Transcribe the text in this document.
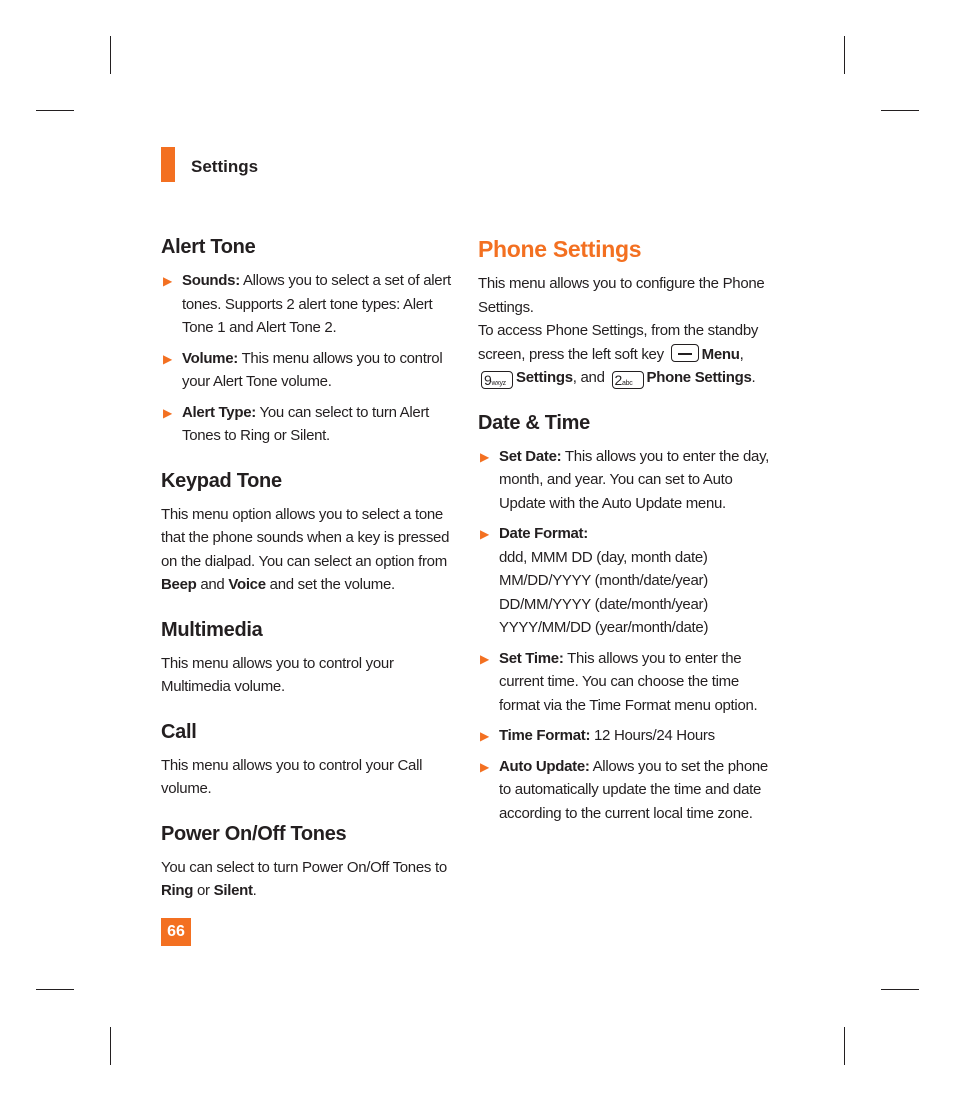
Settings
Alert Tone
▶ Sounds: Allows you to select a set of alert tones. Supports 2 alert tone types: Alert Tone 1 and Alert Tone 2.
▶ Volume: This menu allows you to control your Alert Tone volume.
▶ Alert Type: You can select to turn Alert Tones to Ring or Silent.
Keypad Tone

This menu option allows you to select a tone that the phone sounds when a key is pressed on the dialpad. You can select an option from Beep and Voice and set the volume.

Multimedia

This menu allows you to control your Multimedia volume.

Call

This menu allows you to control your Call volume.

Power On/Off Tones

You can select to turn Power On/Off Tones to Ring or Silent.

Phone Settings

This menu allows you to configure the Phone Settings.

To access Phone Settings, from the standby screen, press the left soft key Menu, 9wxyz Settings, and 2abc Phone Settings.

Date & Time
▶ Set Date: This allows you to enter the day, month, and year. You can set to Auto Update with the Auto Update menu.
▶ Date Format:
ddd, MMM DD (day, month date)
MM/DD/YYYY (month/date/year)
DD/MM/YYYY (date/month/year)
YYYY/MM/DD (year/month/date)
▶ Set Time: This allows you to enter the current time. You can choose the time format via the Time Format menu option.
▶ Time Format: 12 Hours/24 Hours
▶ Auto Update: Allows you to set the phone to automatically update the time and date according to the current local time zone.
66
